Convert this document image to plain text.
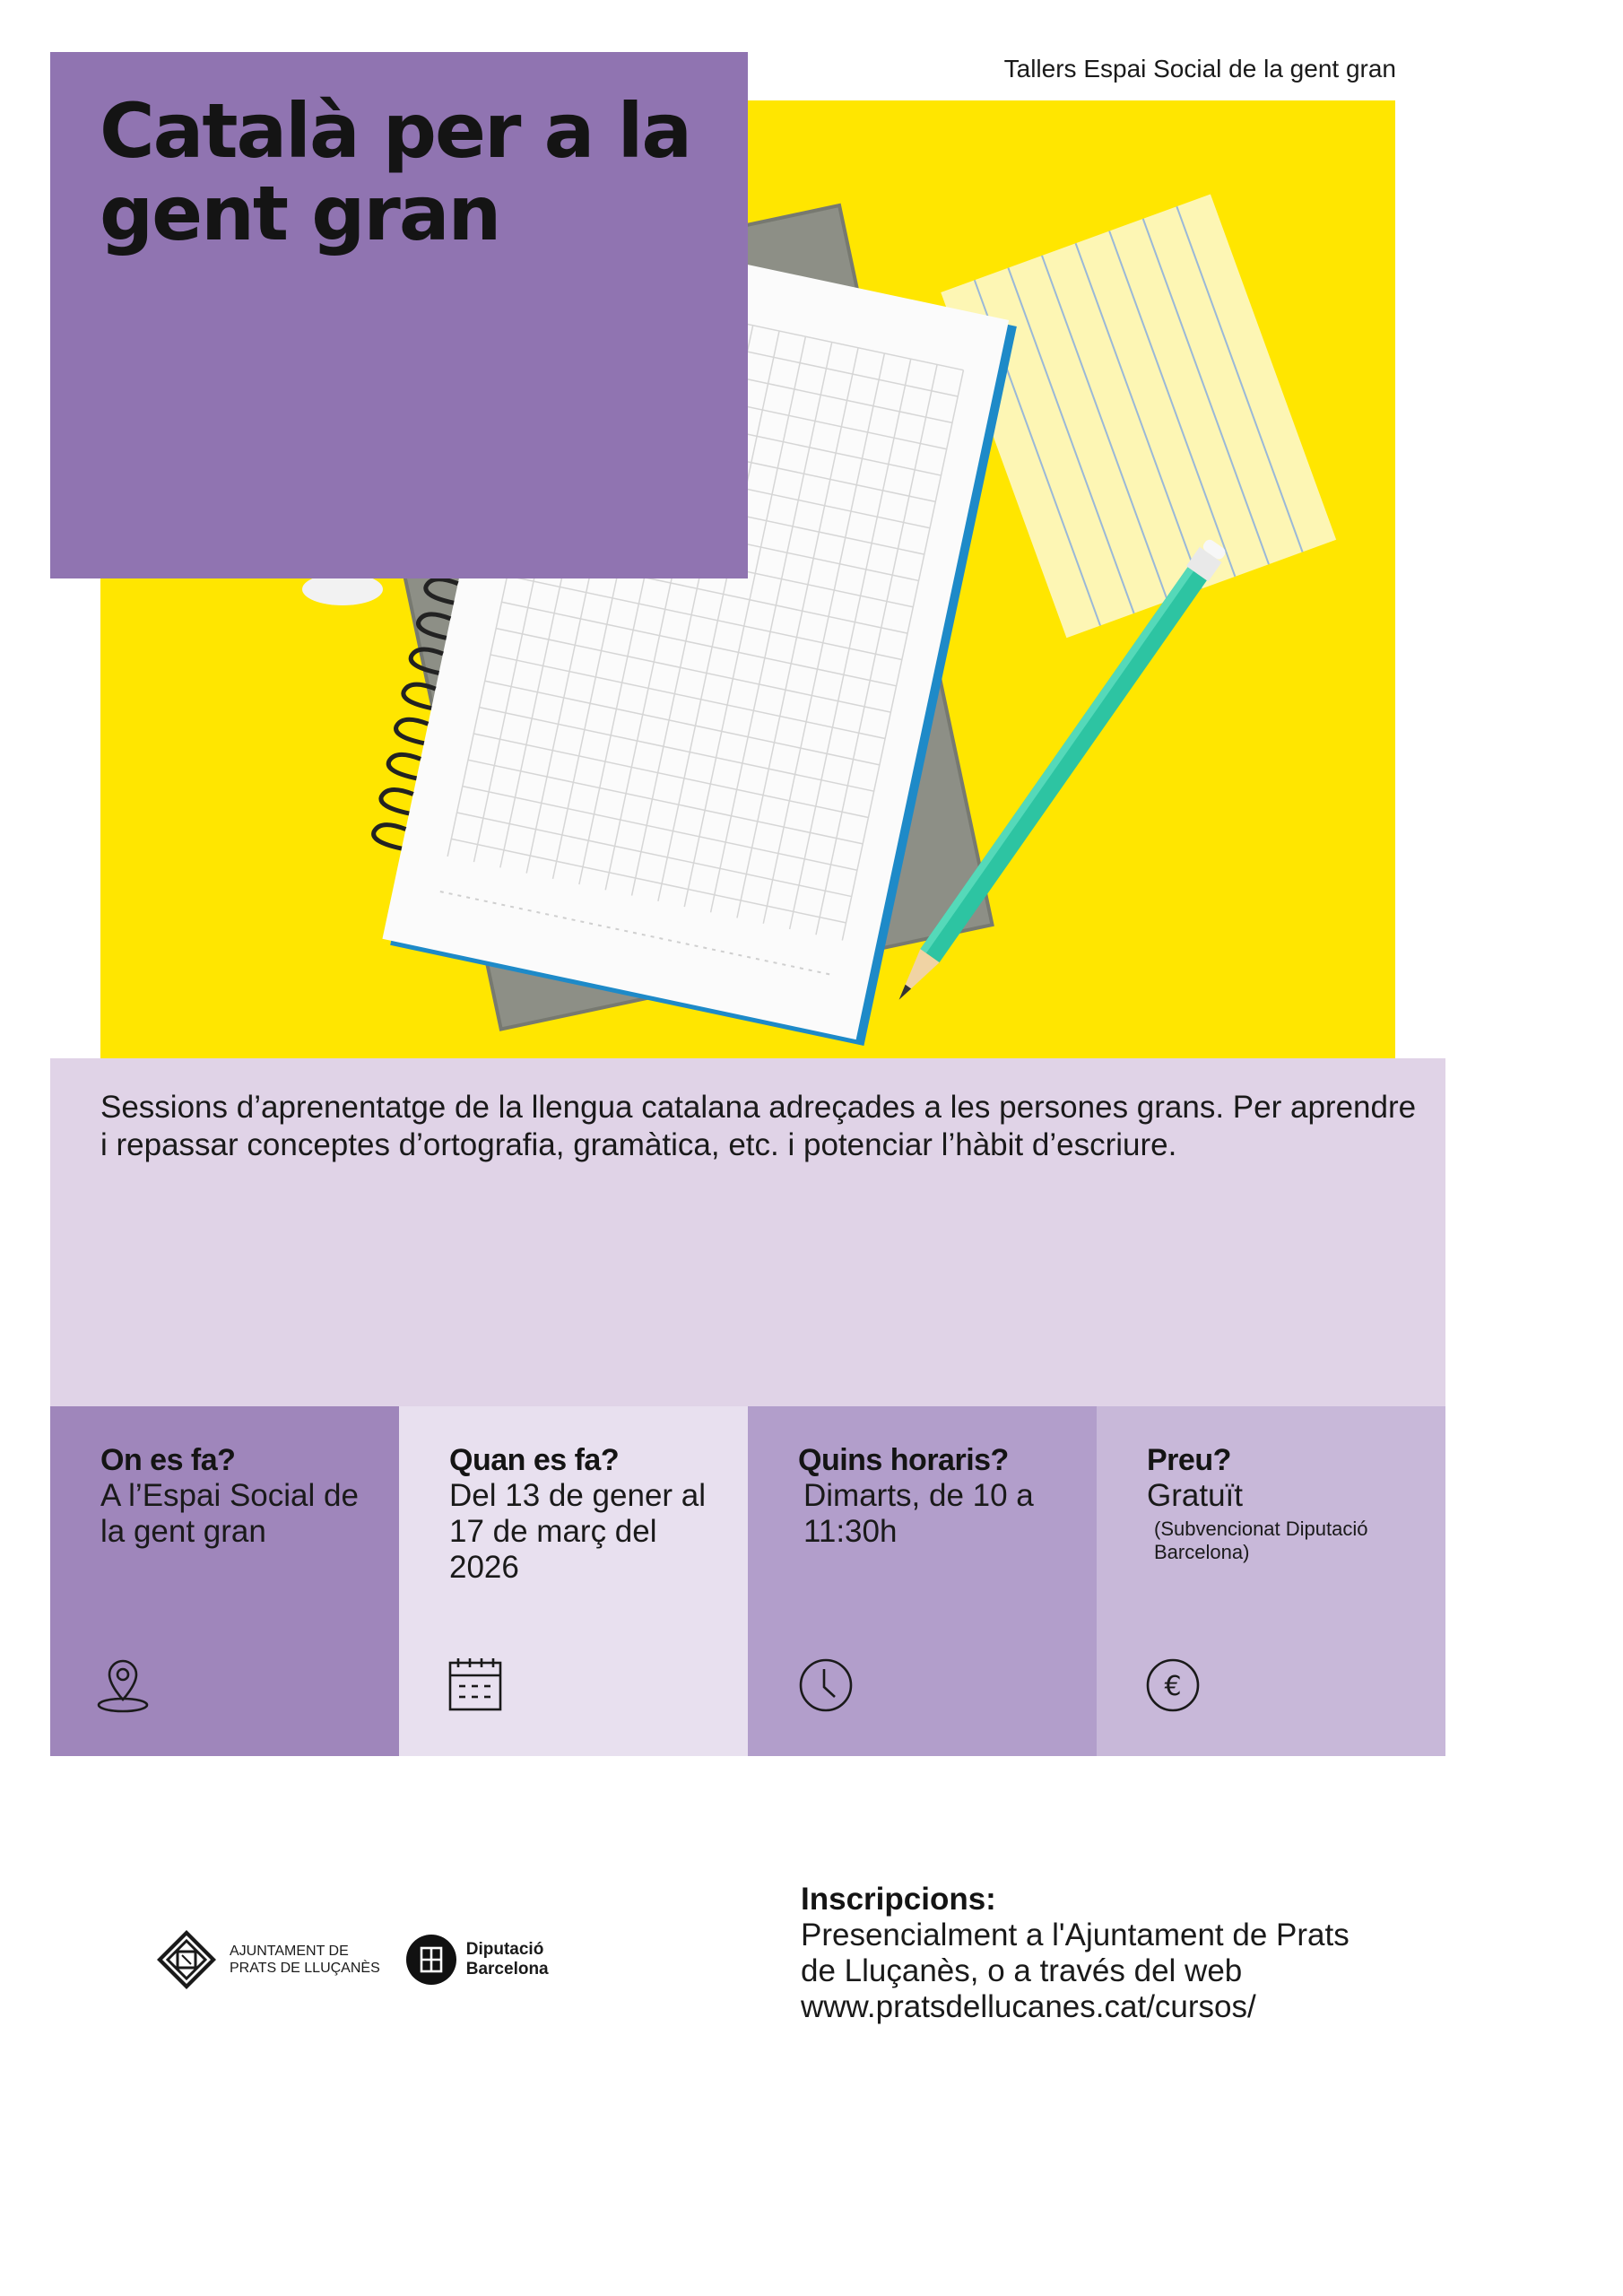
Tallers Espai Social de la gent gran
Català per a la gent gran

Sessions d’aprenentatge de la llengua catalana adreçades a les persones grans. Per aprendre i repassar conceptes d’ortografia, gramàtica, etc. i potenciar l’hàbit d’escriure.

On es fa?
A l’Espai Social de la gent gran
Quan es fa?
Del 13 de gener al 17 de març del 2026
Quins horaris?
Dimarts, de 10 a 11:30h
Preu?
Gratuït
(Subvencionat Diputació Barcelona)
€
AJUNTAMENT DE
PRATS DE LLUÇANÈS
Diputació
Barcelona
Inscripcions:
Presencialment a l'Ajuntament de Prats
de Lluçanès, o a través del web
www.pratsdellucanes.cat/cursos/
